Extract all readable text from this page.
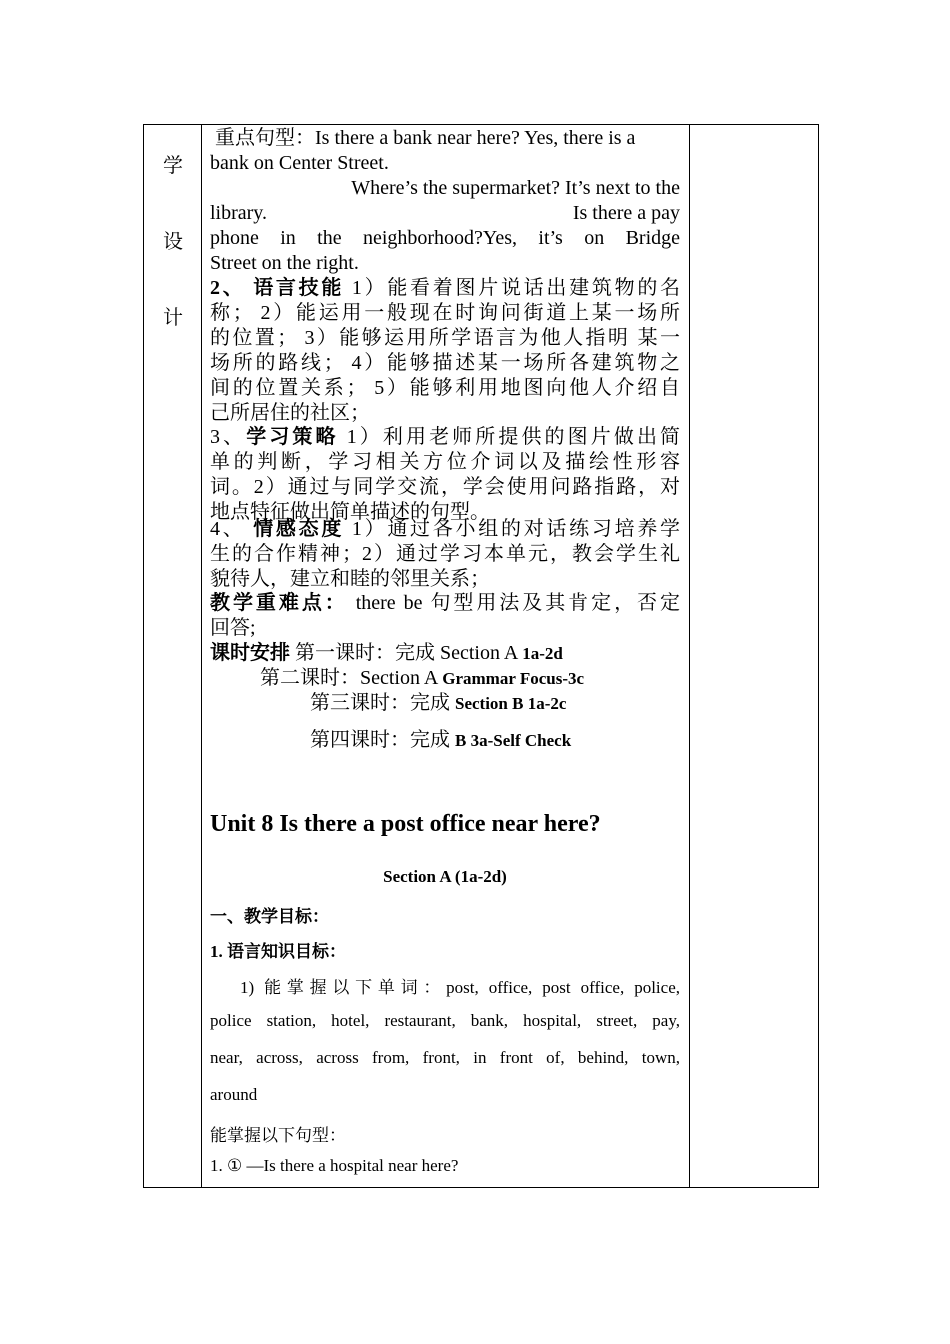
学
设
计
重点句型：Is there a bank near here? Yes, there is a
bank on Center Street.
Where’s the supermarket? It’s next to the
library.	Is there a pay
phone in the neighborhood?Yes, it’s on Bridge
Street on the right.
2、 语言技能 1）能看着图片说话出建筑物的名
称； 2）能运用一般现在时询问街道上某一场所
的位置； 3）能够运用所学语言为他人指明 某一
场所的路线； 4）能够描述某一场所各建筑物之
间的位置关系； 5）能够利用地图向他人介绍自
己所居住的社区；
3、学习策略 1）利用老师所提供的图片做出简
单的判断，学习相关方位介词以及描绘性形容
词。2）通过与同学交流，学会使用问路指路，对
地点特征做出简单描述的句型。
4、 情感态度 1）通过各小组的对话练习培养学
生的合作精神；2）通过学习本单元，教会学生礼
貌待人，建立和睦的邻里关系；
教学重难点： there be 句型用法及其肯定，否定
回答;
课时安排 第一课时：完成 Section A 1a-2d
第二课时：Section A Grammar Focus-3c
第三课时：完成 Section B 1a-2c
第四课时：完成 B 3a-Self Check
Unit 8 Is there a post office near here?
Section A (1a-2d)
一、教学目标：
1. 语言知识目标：
1) 能掌握以下单词：post, office, post office, police,
police station, hotel, restaurant, bank, hospital, street, pay,
near, across, across from, front, in front of, behind, town,
around
能掌握以下句型：
1. ① —Is there a hospital near here?
